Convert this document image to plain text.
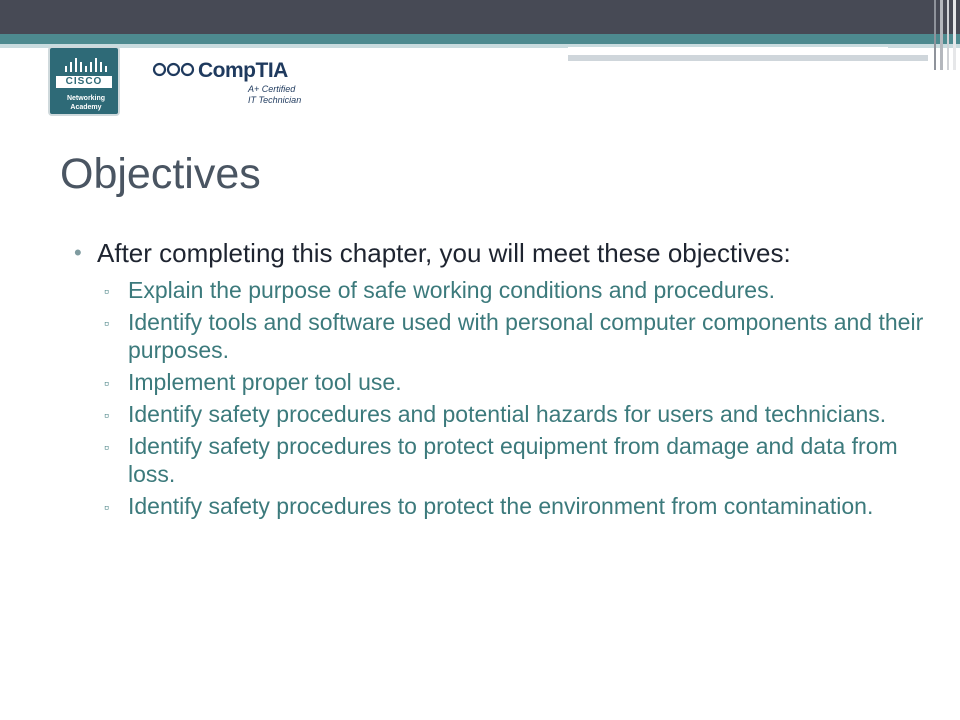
CISCO
Networking
Academy
CompTIA
A+ Certified
IT Technician
Objectives
• After completing this chapter, you will meet these objectives:
▫ Explain the purpose of safe working conditions and procedures.
▫ Identify tools and software used with personal computer components and their purposes.
▫ Implement proper tool use.
▫ Identify safety procedures and potential hazards for users and technicians.
▫ Identify safety procedures to protect equipment from damage and data from loss.
▫ Identify safety procedures to protect the environment from contamination.
